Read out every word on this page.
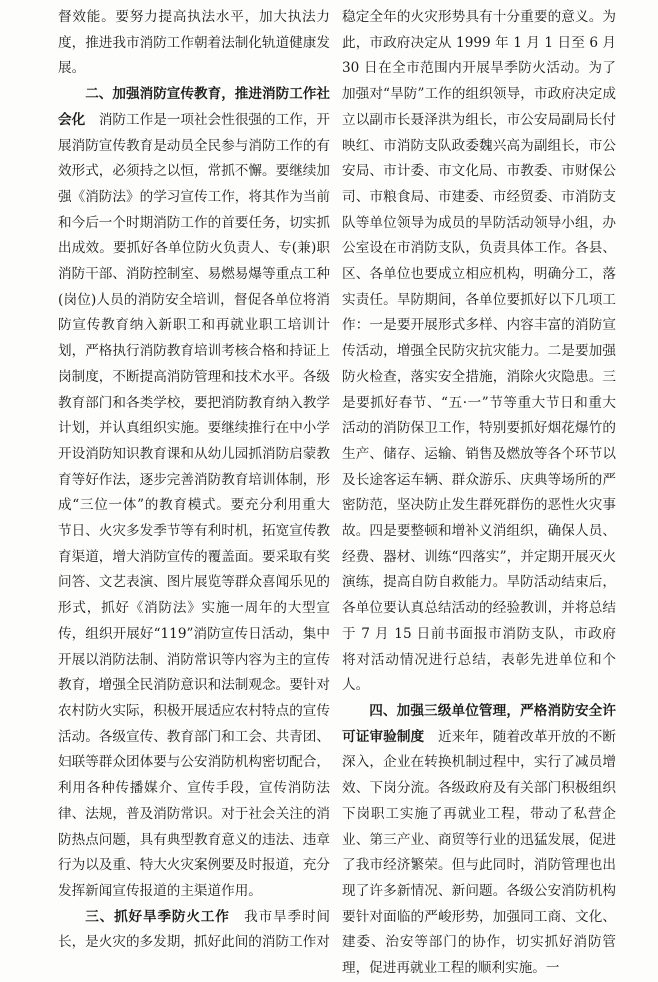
督效能。要努力提高执法水平，加大执法力度，推进我市消防工作朝着法制化轨道健康发展。

二、加强消防宣传教育，推进消防工作社会化　 消防工作是一项社会性很强的工作，开展消防宣传教育是动员全民参与消防工作的有效形式，必须持之以恒，常抓不懈。要继续加强《消防法》的学习宣传工作，将其作为当前和今后一个时期消防工作的首要任务，切实抓出成效。要抓好各单位防火负责人、专(兼)职消防干部、消防控制室、易燃易爆等重点工种(岗位)人员的消防安全培训，督促各单位将消防宣传教育纳入新职工和再就业职工培训计划，严格执行消防教育培训考核合格和持证上岗制度，不断提高消防管理和技术水平。各级教育部门和各类学校，要把消防教育纳入教学计划，并认真组织实施。要继续推行在中小学开设消防知识教育课和从幼儿园抓消防启蒙教育等好作法，逐步完善消防教育培训体制，形成“三位一体”的教育模式。要充分利用重大节日、火灾多发季节等有利时机，拓宽宣传教育渠道，增大消防宣传的覆盖面。要采取有奖问答、文艺表演、图片展览等群众喜闻乐见的形式，抓好《消防法》实施一周年的大型宣传，组织开展好“119”消防宣传日活动，集中开展以消防法制、消防常识等内容为主的宣传教育，增强全民消防意识和法制观念。要针对农村防火实际，积极开展适应农村特点的宣传活动。各级宣传、教育部门和工会、共青团、妇联等群众团体要与公安消防机构密切配合，利用各种传播媒介、宣传手段，宣传消防法律、法规，普及消防常识。对于社会关注的消防热点问题，具有典型教育意义的违法、违章行为以及重、特大火灾案例要及时报道，充分发挥新闻宣传报道的主渠道作用。

三、抓好旱季防火工作　 我市旱季时间长，是火灾的多发期，抓好此间的消防工作对

稳定全年的火灾形势具有十分重要的意义。为此，市政府决定从 1999 年 1 月 1 日至 6 月 30 日在全市范围内开展旱季防火活动。为了加强对“旱防”工作的组织领导，市政府决定成立以副市长聂泽洪为组长，市公安局副局长付映红、市消防支队政委魏兴高为副组长，市公安局、市计委、市文化局、市教委、市财保公司、市粮食局、市建委、市经贸委、市消防支队等单位领导为成员的旱防活动领导小组，办公室设在市消防支队，负责具体工作。各县、区、各单位也要成立相应机构，明确分工，落实责任。旱防期间，各单位要抓好以下几项工作：一是要开展形式多样、内容丰富的消防宣传活动，增强全民防灾抗灾能力。二是要加强防火检查，落实安全措施，消除火灾隐患。三是要抓好春节、“五·一”节等重大节日和重大活动的消防保卫工作，特别要抓好烟花爆竹的生产、储存、运输、销售及燃放等各个环节以及长途客运车辆、群众游乐、庆典等场所的严密防范，坚决防止发生群死群伤的恶性火灾事故。四是要整顿和增补义消组织，确保人员、经费、器材、训练“四落实”，并定期开展灭火演练，提高自防自救能力。旱防活动结束后，各单位要认真总结活动的经验教训，并将总结于 7 月 15 日前书面报市消防支队，市政府将对活动情况进行总结，表彰先进单位和个人。

四、加强三级单位管理，严格消防安全许可证审验制度　 近来年，随着改革开放的不断深入，企业在转换机制过程中，实行了减员增效、下岗分流。各级政府及有关部门积极组织下岗职工实施了再就业工程，带动了私营企业、第三产业、商贸等行业的迅猛发展，促进了我市经济繁荣。但与此同时，消防管理也出现了许多新情况、新问题。各级公安消防机构要针对面临的严峻形势，加强同工商、文化、建委、治安等部门的协作，切实抓好消防管理，促进再就业工程的顺利实施。一
